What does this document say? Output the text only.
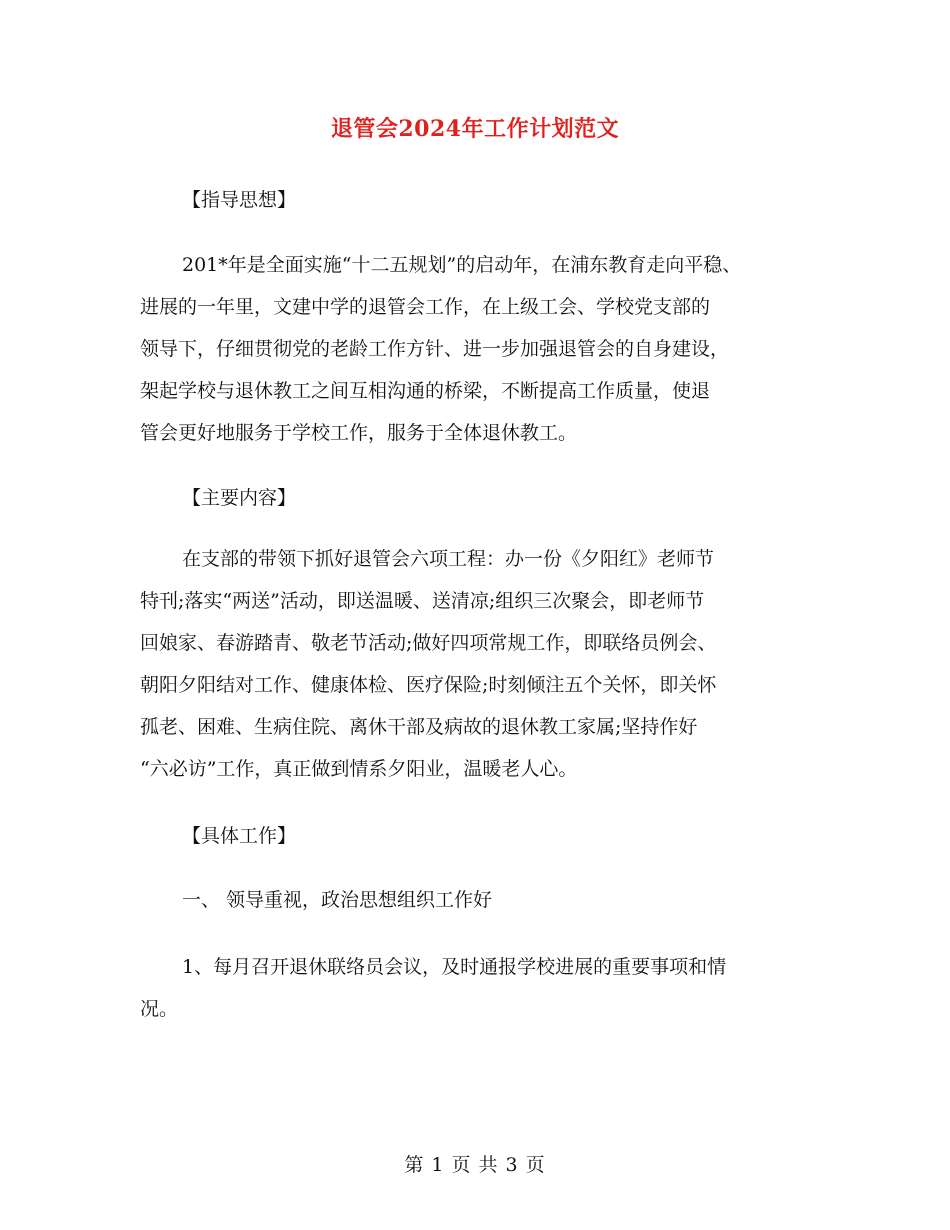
退管会2024年工作计划范文
【指导思想】
201*年是全面实施“十二五规划”的启动年，在浦东教育走向平稳、
进展的一年里，文建中学的退管会工作，在上级工会、学校党支部的
领导下，仔细贯彻党的老龄工作方针、进一步加强退管会的自身建设，
架起学校与退休教工之间互相沟通的桥梁，不断提高工作质量，使退
管会更好地服务于学校工作，服务于全体退休教工。
【主要内容】
在支部的带领下抓好退管会六项工程：办一份《夕阳红》老师节
特刊;落实“两送”活动，即送温暖、送清凉;组织三次聚会，即老师节
回娘家、春游踏青、敬老节活动;做好四项常规工作，即联络员例会、
朝阳夕阳结对工作、健康体检、医疗保险;时刻倾注五个关怀，即关怀
孤老、困难、生病住院、离休干部及病故的退休教工家属;坚持作好
“六必访”工作，真正做到情系夕阳业，温暖老人心。
【具体工作】
一、 领导重视，政治思想组织工作好
1、每月召开退休联络员会议，及时通报学校进展的重要事项和情
况。
第 1 页 共 3 页
